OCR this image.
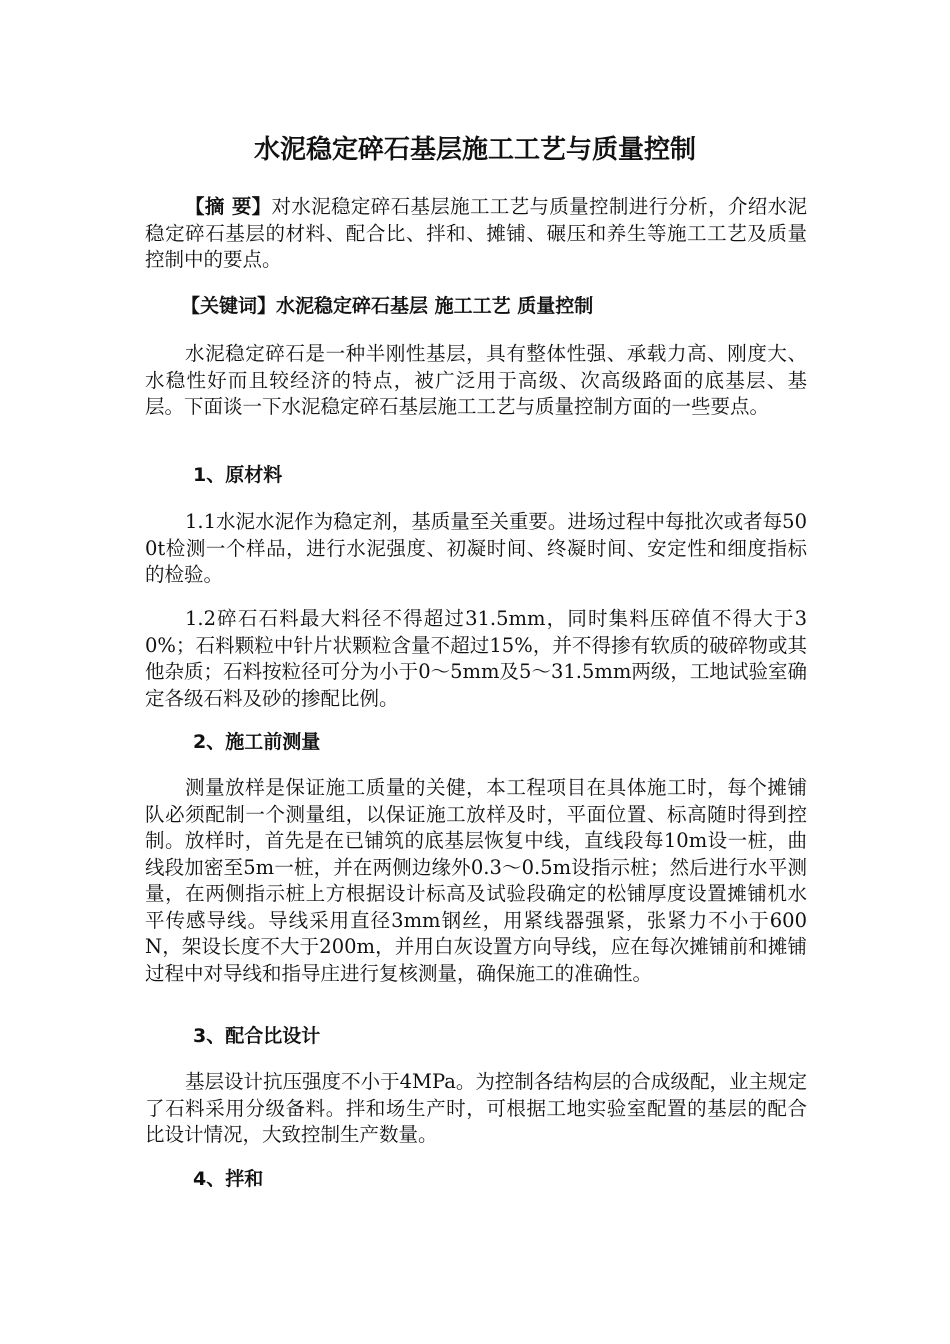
水泥稳定碎石基层施工工艺与质量控制

【摘 要】对水泥稳定碎石基层施工工艺与质量控制进行分析，介绍水泥稳定碎石基层的材料、配合比、拌和、摊铺、碾压和养生等施工工艺及质量控制中的要点。

【关键词】水泥稳定碎石基层 施工工艺 质量控制

水泥稳定碎石是一种半刚性基层，具有整体性强、承载力高、刚度大、水稳性好而且较经济的特点，被广泛用于高级、次高级路面的底基层、基层。下面谈一下水泥稳定碎石基层施工工艺与质量控制方面的一些要点。

1、原材料

1.1水泥水泥作为稳定剂，基质量至关重要。进场过程中每批次或者每500t检测一个样品，进行水泥强度、初凝时间、终凝时间、安定性和细度指标的检验。

1.2碎石石料最大料径不得超过31.5mm，同时集料压碎值不得大于30%；石料颗粒中针片状颗粒含量不超过15%，并不得掺有软质的破碎物或其他杂质；石料按粒径可分为小于0～5mm及5～31.5mm两级，工地试验室确定各级石料及砂的掺配比例。

2、施工前测量

测量放样是保证施工质量的关健，本工程项目在具体施工时，每个摊铺队必须配制一个测量组，以保证施工放样及时，平面位置、标高随时得到控制。放样时，首先是在已铺筑的底基层恢复中线，直线段每10m设一桩，曲线段加密至5m一桩，并在两侧边缘外0.3～0.5m设指示桩；然后进行水平测量，在两侧指示桩上方根据设计标高及试验段确定的松铺厚度设置摊铺机水平传感导线。导线采用直径3mm钢丝，用紧线器强紧，张紧力不小于600N，架设长度不大于200m，并用白灰设置方向导线，应在每次摊铺前和摊铺过程中对导线和指导庄进行复核测量，确保施工的准确性。

3、配合比设计

基层设计抗压强度不小于4MPa。为控制各结构层的合成级配，业主规定了石料采用分级备料。拌和场生产时，可根据工地实验室配置的基层的配合比设计情况，大致控制生产数量。

4、拌和
